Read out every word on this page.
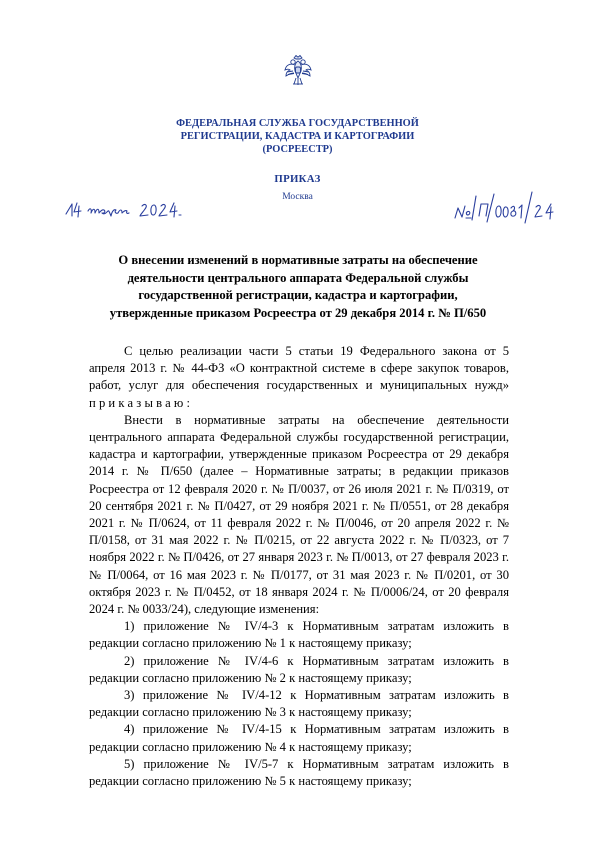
ФЕДЕРАЛЬНАЯ СЛУЖБА ГОСУДАРСТВЕННОЙ
РЕГИСТРАЦИИ, КАДАСТРА И КАРТОГРАФИИ
(РОСРЕЕСТР)
ПРИКАЗ
Москва
О внесении изменений в нормативные затраты на обеспечение
деятельности центрального аппарата Федеральной службы
государственной регистрации, кадастра и картографии,
утвержденные приказом Росреестра от 29 декабря 2014 г. № П/650

С целью реализации части 5 статьи 19 Федерального закона от 5 апреля 2013 г. № 44-ФЗ «О контрактной системе в сфере закупок товаров, работ, услуг для обеспечения государственных и муниципальных нужд» приказываю:

Внести в нормативные затраты на обеспечение деятельности центрального аппарата Федеральной службы государственной регистрации, кадастра и картографии, утвержденные приказом Росреестра от 29 декабря 2014 г. № П/650 (далее – Нормативные затраты; в редакции приказов Росреестра от 12 февраля 2020 г. № П/0037, от 26 июля 2021 г. № П/0319, от 20 сентября 2021 г. № П/0427, от 29 ноября 2021 г. № П/0551, от 28 декабря 2021 г. № П/0624, от 11 февраля 2022 г. № П/0046, от 20 апреля 2022 г. № П/0158, от 31 мая 2022 г. № П/0215, от 22 августа 2022 г. № П/0323, от 7 ноября 2022 г. № П/0426, от 27 января 2023 г. № П/0013, от 27 февраля 2023 г. № П/0064, от 16 мая 2023 г. № П/0177, от 31 мая 2023 г. № П/0201, от 30 октября 2023 г. № П/0452, от 18 января 2024 г. № П/0006/24, от 20 февраля 2024 г. № 0033/24), следующие изменения:

1) приложение № IV/4-3 к Нормативным затратам изложить в редакции согласно приложению № 1 к настоящему приказу;

2) приложение № IV/4-6 к Нормативным затратам изложить в редакции согласно приложению № 2 к настоящему приказу;

3) приложение № IV/4-12 к Нормативным затратам изложить в редакции согласно приложению № 3 к настоящему приказу;

4) приложение № IV/4-15 к Нормативным затратам изложить в редакции согласно приложению № 4 к настоящему приказу;

5) приложение № IV/5-7 к Нормативным затратам изложить в редакции согласно приложению № 5 к настоящему приказу;
